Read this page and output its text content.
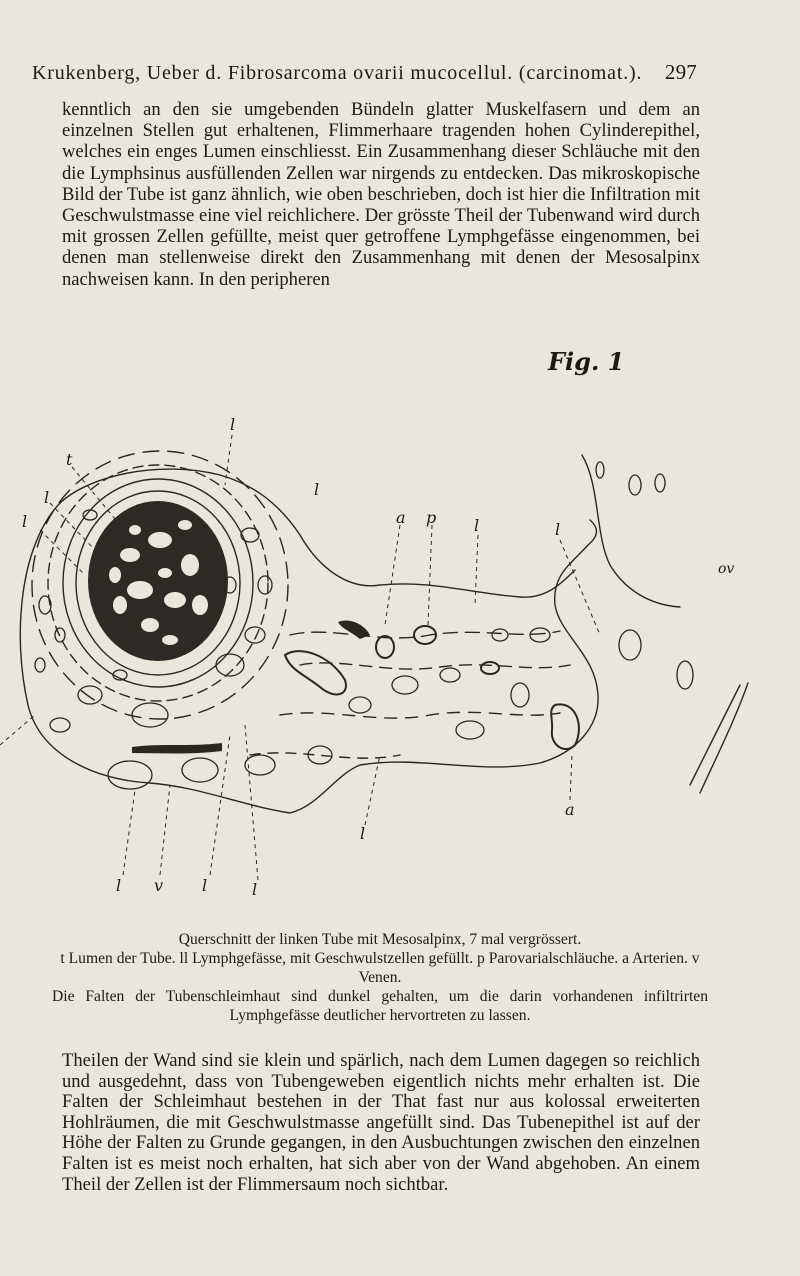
Krukenberg, Ueber d. Fibrosarcoma ovarii mucocellul. (carcinomat.). 297

kenntlich an den sie umgebenden Bündeln glatter Muskelfasern und dem an einzelnen Stellen gut erhaltenen, Flimmerhaare tragenden hohen Cylinderepithel, welches ein enges Lumen einschliesst. Ein Zusammenhang dieser Schläuche mit den die Lymphsinus ausfüllenden Zellen war nirgends zu entdecken. Das mikroskopische Bild der Tube ist ganz ähnlich, wie oben beschrieben, doch ist hier die Infiltration mit Geschwulstmasse eine viel reichlichere. Der grösste Theil der Tubenwand wird durch mit grossen Zellen gefüllte, meist quer getroffene Lymphgefässe eingenommen, bei denen man stellenweise direkt den Zusammenhang mit denen der Mesosalpinx nachweisen kann. In den peripheren

Fig. 1
t
l
l
l
l
a p l	l
ov
l
a
l v l	l
Querschnitt der linken Tube mit Mesosalpinx, 7 mal vergrössert.
t Lumen der Tube. ll Lymphgefässe, mit Geschwulstzellen gefüllt. p Parovarialschläuche. a Arterien. v Venen.
Die Falten der Tubenschleimhaut sind dunkel gehalten, um die darin vorhandenen infiltrirten Lymphgefässe deutlicher hervortreten zu lassen.

Theilen der Wand sind sie klein und spärlich, nach dem Lumen dagegen so reichlich und ausgedehnt, dass von Tubengeweben eigentlich nichts mehr erhalten ist. Die Falten der Schleimhaut bestehen in der That fast nur aus kolossal erweiterten Hohlräumen, die mit Geschwulstmasse angefüllt sind. Das Tubenepithel ist auf der Höhe der Falten zu Grunde gegangen, in den Ausbuchtungen zwischen den einzelnen Falten ist es meist noch erhalten, hat sich aber von der Wand abgehoben. An einem Theil der Zellen ist der Flimmersaum noch sichtbar.
